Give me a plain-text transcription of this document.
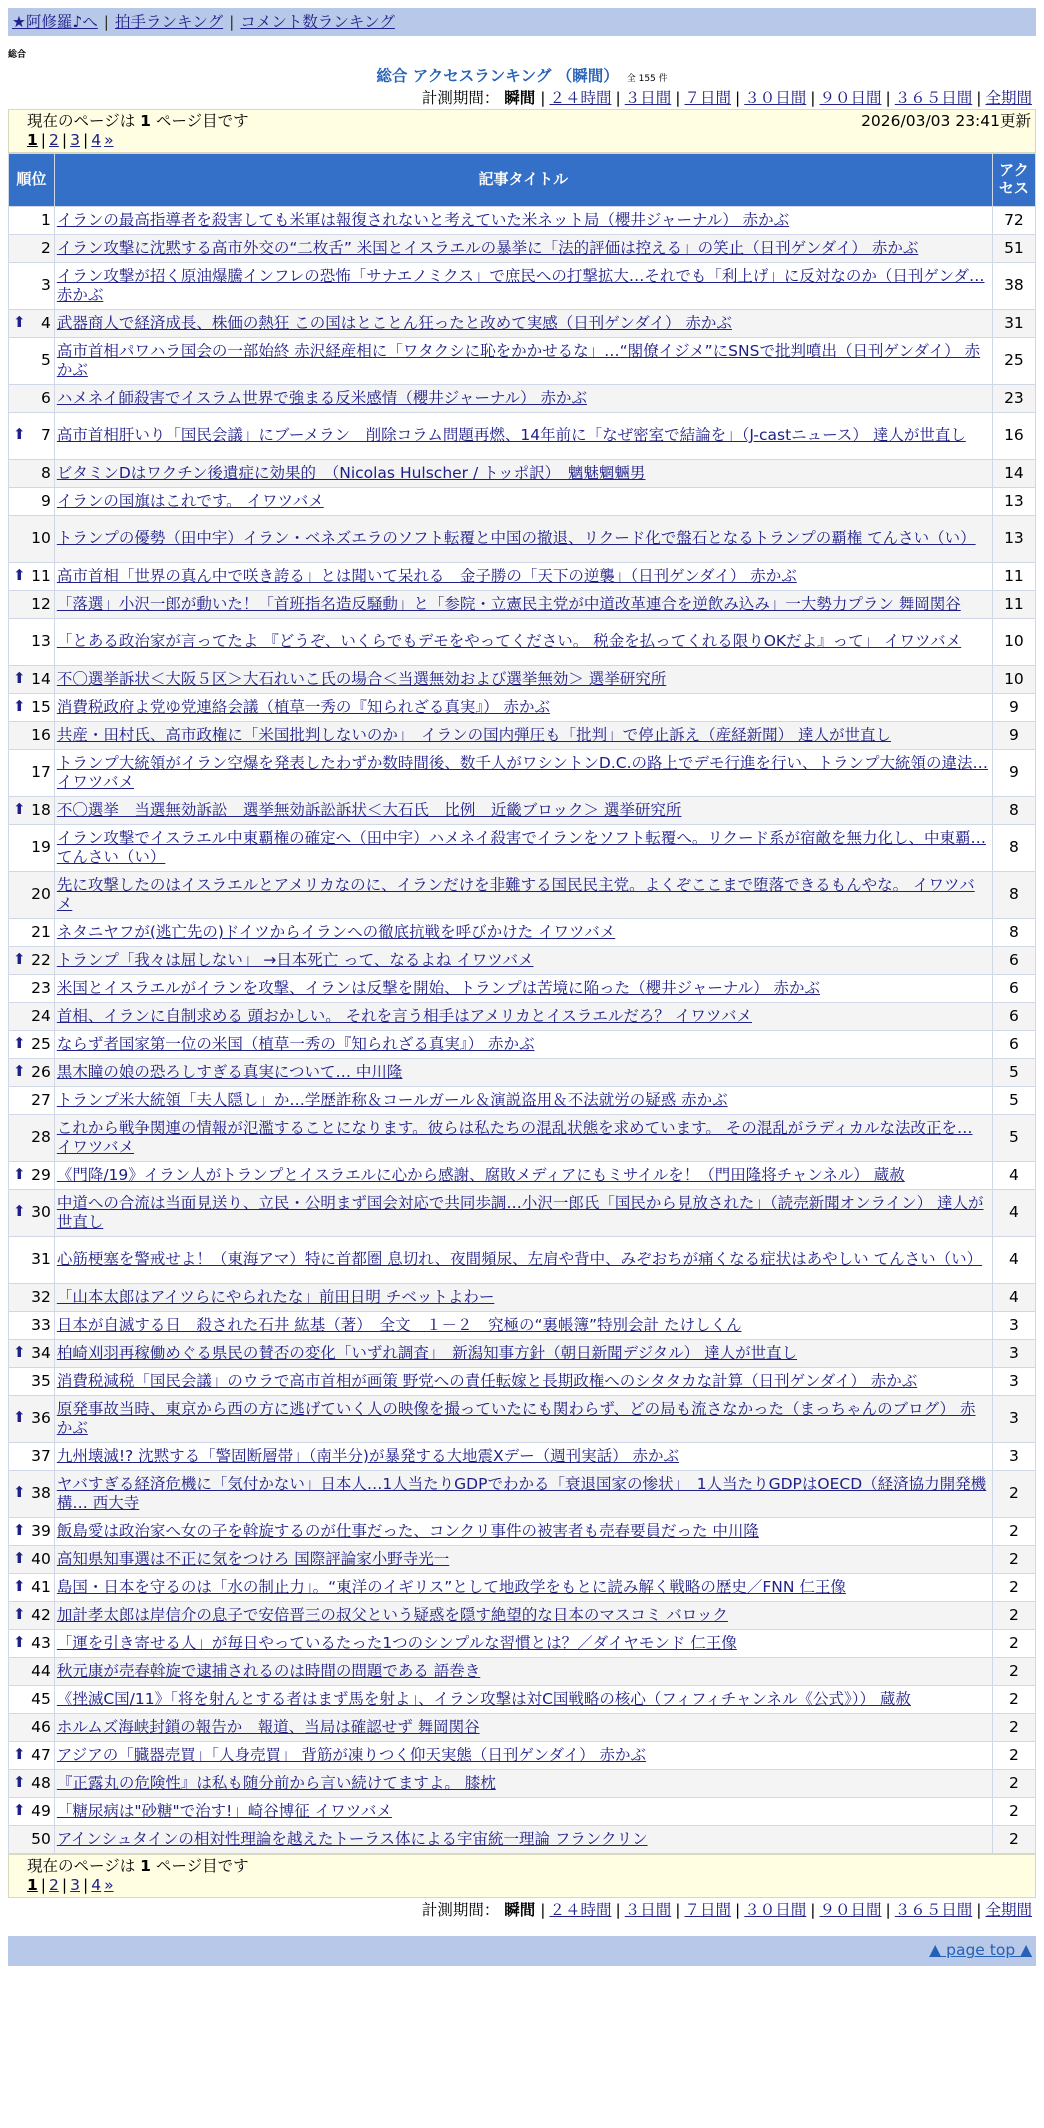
★阿修羅♪へ | 拍手ランキング | コメント数ランキング
総合
総合 アクセスランキング （瞬間） 全 155 件
計測期間： 瞬間 | ２４時間 | ３日間 | ７日間 | ３０日間 | ９０日間 | ３６５日間 | 全期間
現在のページは 1 ページ目です	2026/03/03 23:41更新
1 | 2 | 3 | 4 »
順位	記事タイトル	アクセス
1	イランの最高指導者を殺害しても米軍は報復されないと考えていた米ネット局（櫻井ジャーナル） 赤かぶ	72
2	イラン攻撃に沈黙する高市外交の“二枚舌” 米国とイスラエルの暴挙に「法的評価は控える」の笑止（日刊ゲンダイ） 赤かぶ	51
3	イラン攻撃が招く原油爆騰インフレの恐怖「サナエノミクス」で庶民への打撃拡大…それでも「利上げ」に反対なのか（日刊ゲンダ… 赤かぶ	38

⬆ 4	武器商人で経済成長、株価の熱狂 この国はとことん狂ったと改めて実感（日刊ゲンダイ） 赤かぶ	31
5	高市首相パワハラ国会の一部始終 赤沢経産相に「ワタクシに恥をかかせるな」…“閣僚イジメ”にSNSで批判噴出（日刊ゲンダイ） 赤かぶ	25
6	ハメネイ師殺害でイスラム世界で強まる反米感情（櫻井ジャーナル） 赤かぶ	23

⬆ 7	高市首相肝いり「国民会議」にブーメラン　削除コラム問題再燃、14年前に「なぜ密室で結論を」（J-castニュース） 達人が世直し	16
8	ビタミンDはワクチン後遺症に効果的　（Nicolas Hulscher / トッポ訳）　魑魅魍魎男	14
9	イランの国旗はこれです。 イワツバメ	13
10	トランプの優勢（田中宇）イラン・ベネズエラのソフト転覆と中国の撤退、リクード化で盤石となるトランプの覇権 てんさい（い）	13

⬆ 11	高市首相「世界の真ん中で咲き誇る」とは聞いて呆れる　金子勝の「天下の逆襲」（日刊ゲンダイ） 赤かぶ	11
12	「落選」小沢一郎が動いた！「首班指名造反騒動」と「参院・立憲民主党が中道改革連合を逆飲み込み」一大勢力プラン 舞岡関谷	11
13	「とある政治家が言ってたよ 『どうぞ、いくらでもデモをやってください。 税金を払ってくれる限りOKだよ』って」 イワツバメ	10

⬆ 14	不〇選挙訴状＜大阪５区＞大石れいこ氏の場合＜当選無効および選挙無効＞ 選挙研究所	10

⬆ 15	消費税政府よ党ゆ党連絡会議（植草一秀の『知られざる真実』） 赤かぶ	9
16	共産・田村氏、高市政権に「米国批判しないのか」　イランの国内弾圧も「批判」で停止訴え（産経新聞） 達人が世直し	9
17	トランプ大統領がイラン空爆を発表したわずか数時間後、数千人がワシントンD.C.の路上でデモ行進を行い、トランプ大統領の違法… イワツバメ	9

⬆ 18	不〇選挙　当選無効訴訟　選挙無効訴訟訴状＜大石氏　比例　近畿ブロック＞ 選挙研究所	8
19	イラン攻撃でイスラエル中東覇権の確定へ（田中宇）ハメネイ殺害でイランをソフト転覆へ。リクード系が宿敵を無力化し、中東覇… てんさい（い）	8
20	先に攻撃したのはイスラエルとアメリカなのに、イランだけを非難する国民民主党。よくぞここまで堕落できるもんやな。 イワツバメ	8
21	ネタニヤフが(逃亡先の)ドイツからイランへの徹底抗戦を呼びかけた イワツバメ	8

⬆ 22	トランプ「我々は屈しない」 →日本死亡 って、なるよね イワツバメ	6
23	米国とイスラエルがイランを攻撃、イランは反撃を開始、トランプは苦境に陥った（櫻井ジャーナル） 赤かぶ	6
24	首相、イランに自制求める 頭おかしい。 それを言う相手はアメリカとイスラエルだろ？ イワツバメ	6

⬆ 25	ならず者国家第一位の米国（植草一秀の『知られざる真実』） 赤かぶ	6

⬆ 26	黒木瞳の娘の恐ろしすぎる真実について… 中川隆	5
27	トランプ米大統領「夫人隠し」か…学歴詐称＆コールガール＆演説盗用＆不法就労の疑惑 赤かぶ	5
28	これから戦争関連の情報が氾濫することになります。彼らは私たちの混乱状態を求めています。 その混乱がラディカルな法改正を… イワツバメ	5

⬆ 29	《門降/19》イラン人がトランプとイスラエルに心から感謝、腐敗メディアにもミサイルを！（門田隆将チャンネル） 蔵赦	4

⬆ 30	中道への合流は当面見送り、立民・公明まず国会対応で共同歩調…小沢一郎氏「国民から見放された」（読売新聞オンライン） 達人が世直し	4
31	心筋梗塞を警戒せよ！（東海アマ）特に首都圏 息切れ、夜間頻尿、左肩や背中、みぞおちが痛くなる症状はあやしい てんさい（い）	4
32	「山本太郎はアイツらにやられたな」前田日明 チベットよわー	4
33	日本が自滅する日　殺された石井 紘基（著）　全文　１－２　究極の“裏帳簿”特別会計 たけしくん	3

⬆ 34	柏崎刈羽再稼働めぐる県民の賛否の変化「いずれ調査」　新潟知事方針（朝日新聞デジタル） 達人が世直し	3
35	消費税減税「国民会議」のウラで高市首相が画策 野党への責任転嫁と長期政権へのシタタカな計算（日刊ゲンダイ） 赤かぶ	3

⬆ 36	原発事故当時、東京から西の方に逃げていく人の映像を撮っていたにも関わらず、どの局も流さなかった（まっちゃんのブログ） 赤かぶ	3
37	九州壊滅!? 沈黙する「警固断層帯」（南半分)が暴発する大地震Xデー（週刊実話） 赤かぶ	3

⬆ 38	ヤバすぎる経済危機に「気付かない」日本人…1人当たりGDPでわかる「衰退国家の惨状」　1人当たりGDPはOECD（経済協力開発機構… 西大寺	2

⬆ 39	飯島愛は政治家へ女の子を斡旋するのが仕事だった、コンクリ事件の被害者も売春要員だった 中川隆	2

⬆ 40	高知県知事選は不正に気をつけろ 国際評論家小野寺光一	2

⬆ 41	島国・日本を守るのは「水の制止力」。“東洋のイギリス”として地政学をもとに読み解く戦略の歴史／FNN 仁王像	2

⬆ 42	加計孝太郎は岸信介の息子で安倍晋三の叔父という疑惑を隠す絶望的な日本のマスコミ バロック	2

⬆ 43	「運を引き寄せる人」が毎日やっているたった1つのシンプルな習慣とは？／ダイヤモンド 仁王像	2
44	秋元康が売春斡旋で逮捕されるのは時間の問題である 語巻き	2
45	《挫滅C国/11》「将を射んとする者はまず馬を射よ」、イラン攻撃は対C国戦略の核心（フィフィチャンネル《公式》）） 蔵赦	2
46	ホルムズ海峡封鎖の報告か　報道、当局は確認せず 舞岡関谷	2

⬆ 47	アジアの「臓器売買」「人身売買」 背筋が凍りつく仰天実態（日刊ゲンダイ） 赤かぶ	2

⬆ 48	『正露丸の危険性』は私も随分前から言い続けてますよ。 膝枕	2

⬆ 49	「糖尿病は"砂糖"で治す!」崎谷博征 イワツバメ	2
50	アインシュタインの相対性理論を越えたトーラス体による宇宙統一理論 フランクリン	2
現在のページは 1 ページ目です
1 | 2 | 3 | 4 »
計測期間： 瞬間 | ２４時間 | ３日間 | ７日間 | ３０日間 | ９０日間 | ３６５日間 | 全期間
▲ page top ▲
